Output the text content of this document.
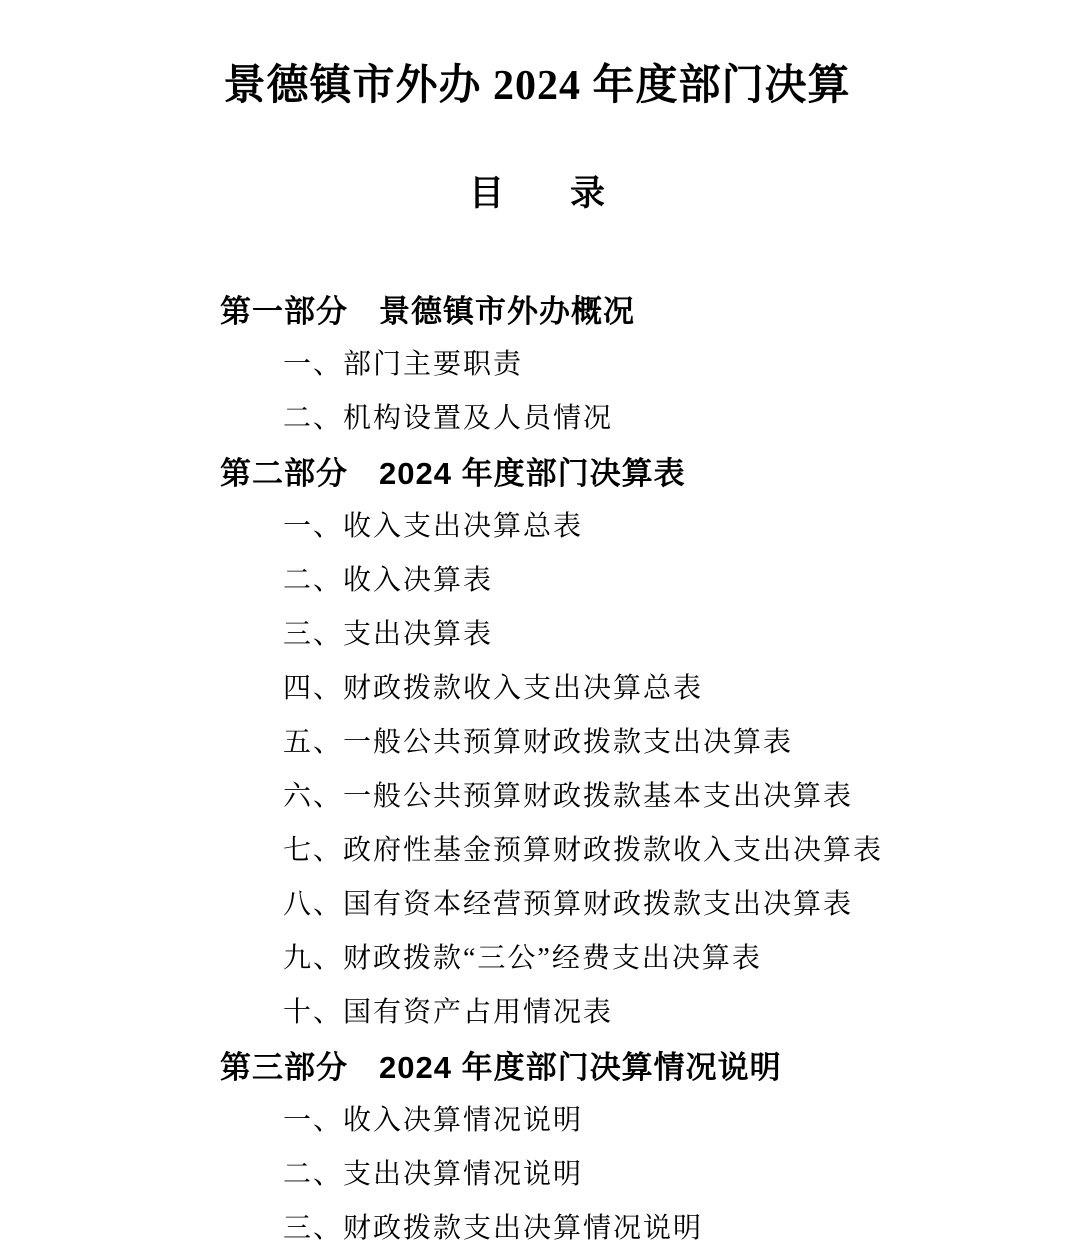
景德镇市外办 2024 年度部门决算
目 录
第一部分 景德镇市外办概况
一、部门主要职责
二、机构设置及人员情况
第二部分 2024 年度部门决算表
一、收入支出决算总表
二、收入决算表
三、支出决算表
四、财政拨款收入支出决算总表
五、一般公共预算财政拨款支出决算表
六、一般公共预算财政拨款基本支出决算表
七、政府性基金预算财政拨款收入支出决算表
八、国有资本经营预算财政拨款支出决算表
九、财政拨款“三公”经费支出决算表
十、国有资产占用情况表
第三部分 2024 年度部门决算情况说明
一、收入决算情况说明
二、支出决算情况说明
三、财政拨款支出决算情况说明
